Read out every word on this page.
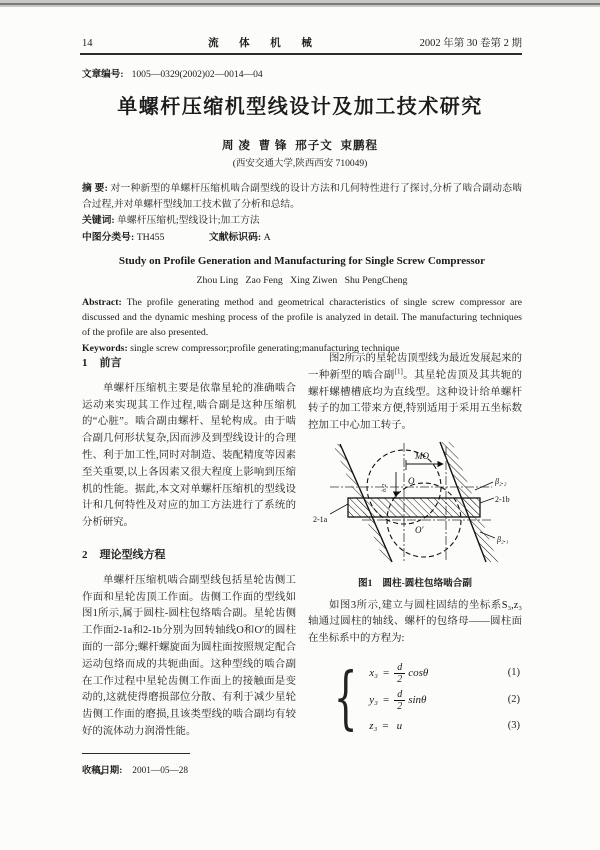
14	流 体 机 械	2002 年第 30 卷第 2 期
文章编号: 1005—0329(2002)02—0014—04
单螺杆压缩机型线设计及加工技术研究
周 凌  曹 锋  邢子文  束鹏程
(西安交通大学,陕西西安 710049)
摘 要: 对一种新型的单螺杆压缩机啮合副型线的设计方法和几何特性进行了探讨,分析了啮合副动态啮合过程,并对单螺杆型线加工技术做了分析和总结。
关键词: 单螺杆压缩机;型线设计;加工方法
中图分类号: TH455	文献标识码: A
Study on Profile Generation and Manufacturing for Single Screw Compressor
Zhou Ling   Zao Feng   Xing Ziwen   Shu PengCheng
Abstract: The profile generating method and geometrical characteristics of single screw compressor are discussed and the dynamic meshing process of the profile is analyzed in detail. The manufacturing techniques of the profile are also presented.
Keywords: single screw compressor;profile generating;manufacturing technique
1 前言

单螺杆压缩机主要是依靠星轮的准确啮合运动来实现其工作过程,啮合副是这种压缩机的“心脏”。啮合副由螺杆、星轮构成。由于啮合副几何形状复杂,因而涉及到型线设计的合理性、利于加工性,同时对制造、装配精度等因素至关重要,以上各因素又很大程度上影响到压缩机的性能。据此,本文对单螺杆压缩机的型线设计和几何特性及对应的加工方法进行了系统的分析研究。

2 理论型线方程

单螺杆压缩机啮合副型线包括星轮齿侧工作面和星轮齿顶工作面。齿侧工作面的型线如图1所示,属于圆柱-圆柱包络啮合副。星轮齿侧工作面2-1a和2-1b分别为回转轴线O和O′的圆柱面的一部分;螺杆螺旋面为圆柱面按照规定配合运动包络而成的共轭曲面。这种型线的啮合副在工作过程中星轮齿侧工作面上的接触面是变动的,这就使得磨损部位分散、有利于减少星轮齿侧工作面的磨损,且该类型线的啮合副均有较好的流体动力润滑性能。

收稿日期: 2001—05—28

图2所示的星轮齿顶型线为最近发展起来的一种新型的啮合副[1]。其星轮齿顶及其共轭的螺杆螺槽槽底均为直线型。这种设计给单螺杆转子的加工带来方便,特别适用于采用五坐标数控加工中心加工转子。

MO
b/2
O
O′
2-1a
2-1b
β₂.₂
β₂.₁
图1 圆柱-圆柱包络啮合副

如图3所示,建立与圆柱固结的坐标系S₃,z₃轴通过圆柱的轴线、螺杆的包络母——圆柱面在坐标系中的方程为:

{ $x_3 = \frac{d}{2}$ cosθ	(1)
$y_3 = \frac{d}{2}$ sinθ	(2)
z₃ = u	(3)
